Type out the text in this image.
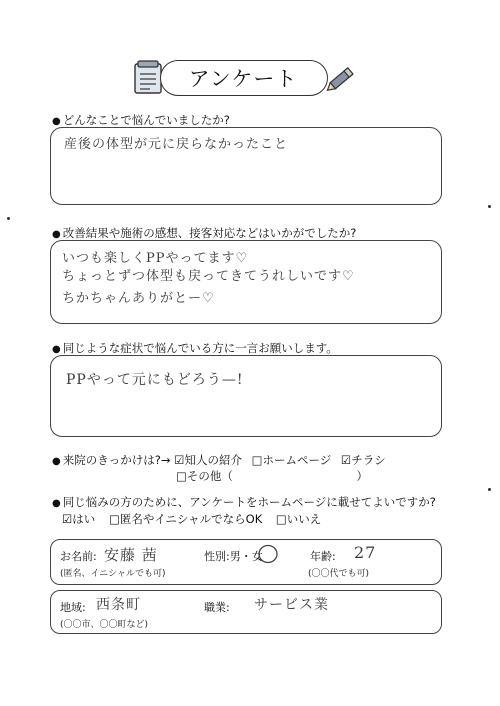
アンケート
● どんなことで悩んでいましたか?
産後の体型が元に戻らなかったこと
● 改善結果や施術の感想、接客対応などはいかがでしたか?
いつも楽しくPPやってます♡
ちょっとずつ体型も戻ってきてうれしいです♡
ちかちゃんありがとー♡
● 同じような症状で悩んでいる方に一言お願いします。
PPやって元にもどろう—!
● 来院のきっかけは?→ ☑知人の紹介 □ホームページ ☑チラシ
□その他（	）
● 同じ悩みの方のために、アンケートをホームページに載せてよいですか?
☑はい □匿名やイニシャルでならOK □いいえ
お名前: 安藤 茜
(匿名、イニシャルでも可)
性別:男・女	年齢: 27
(〇〇代でも可)
地域: 西条町
(〇〇市、〇〇町など)
職業: サービス業
